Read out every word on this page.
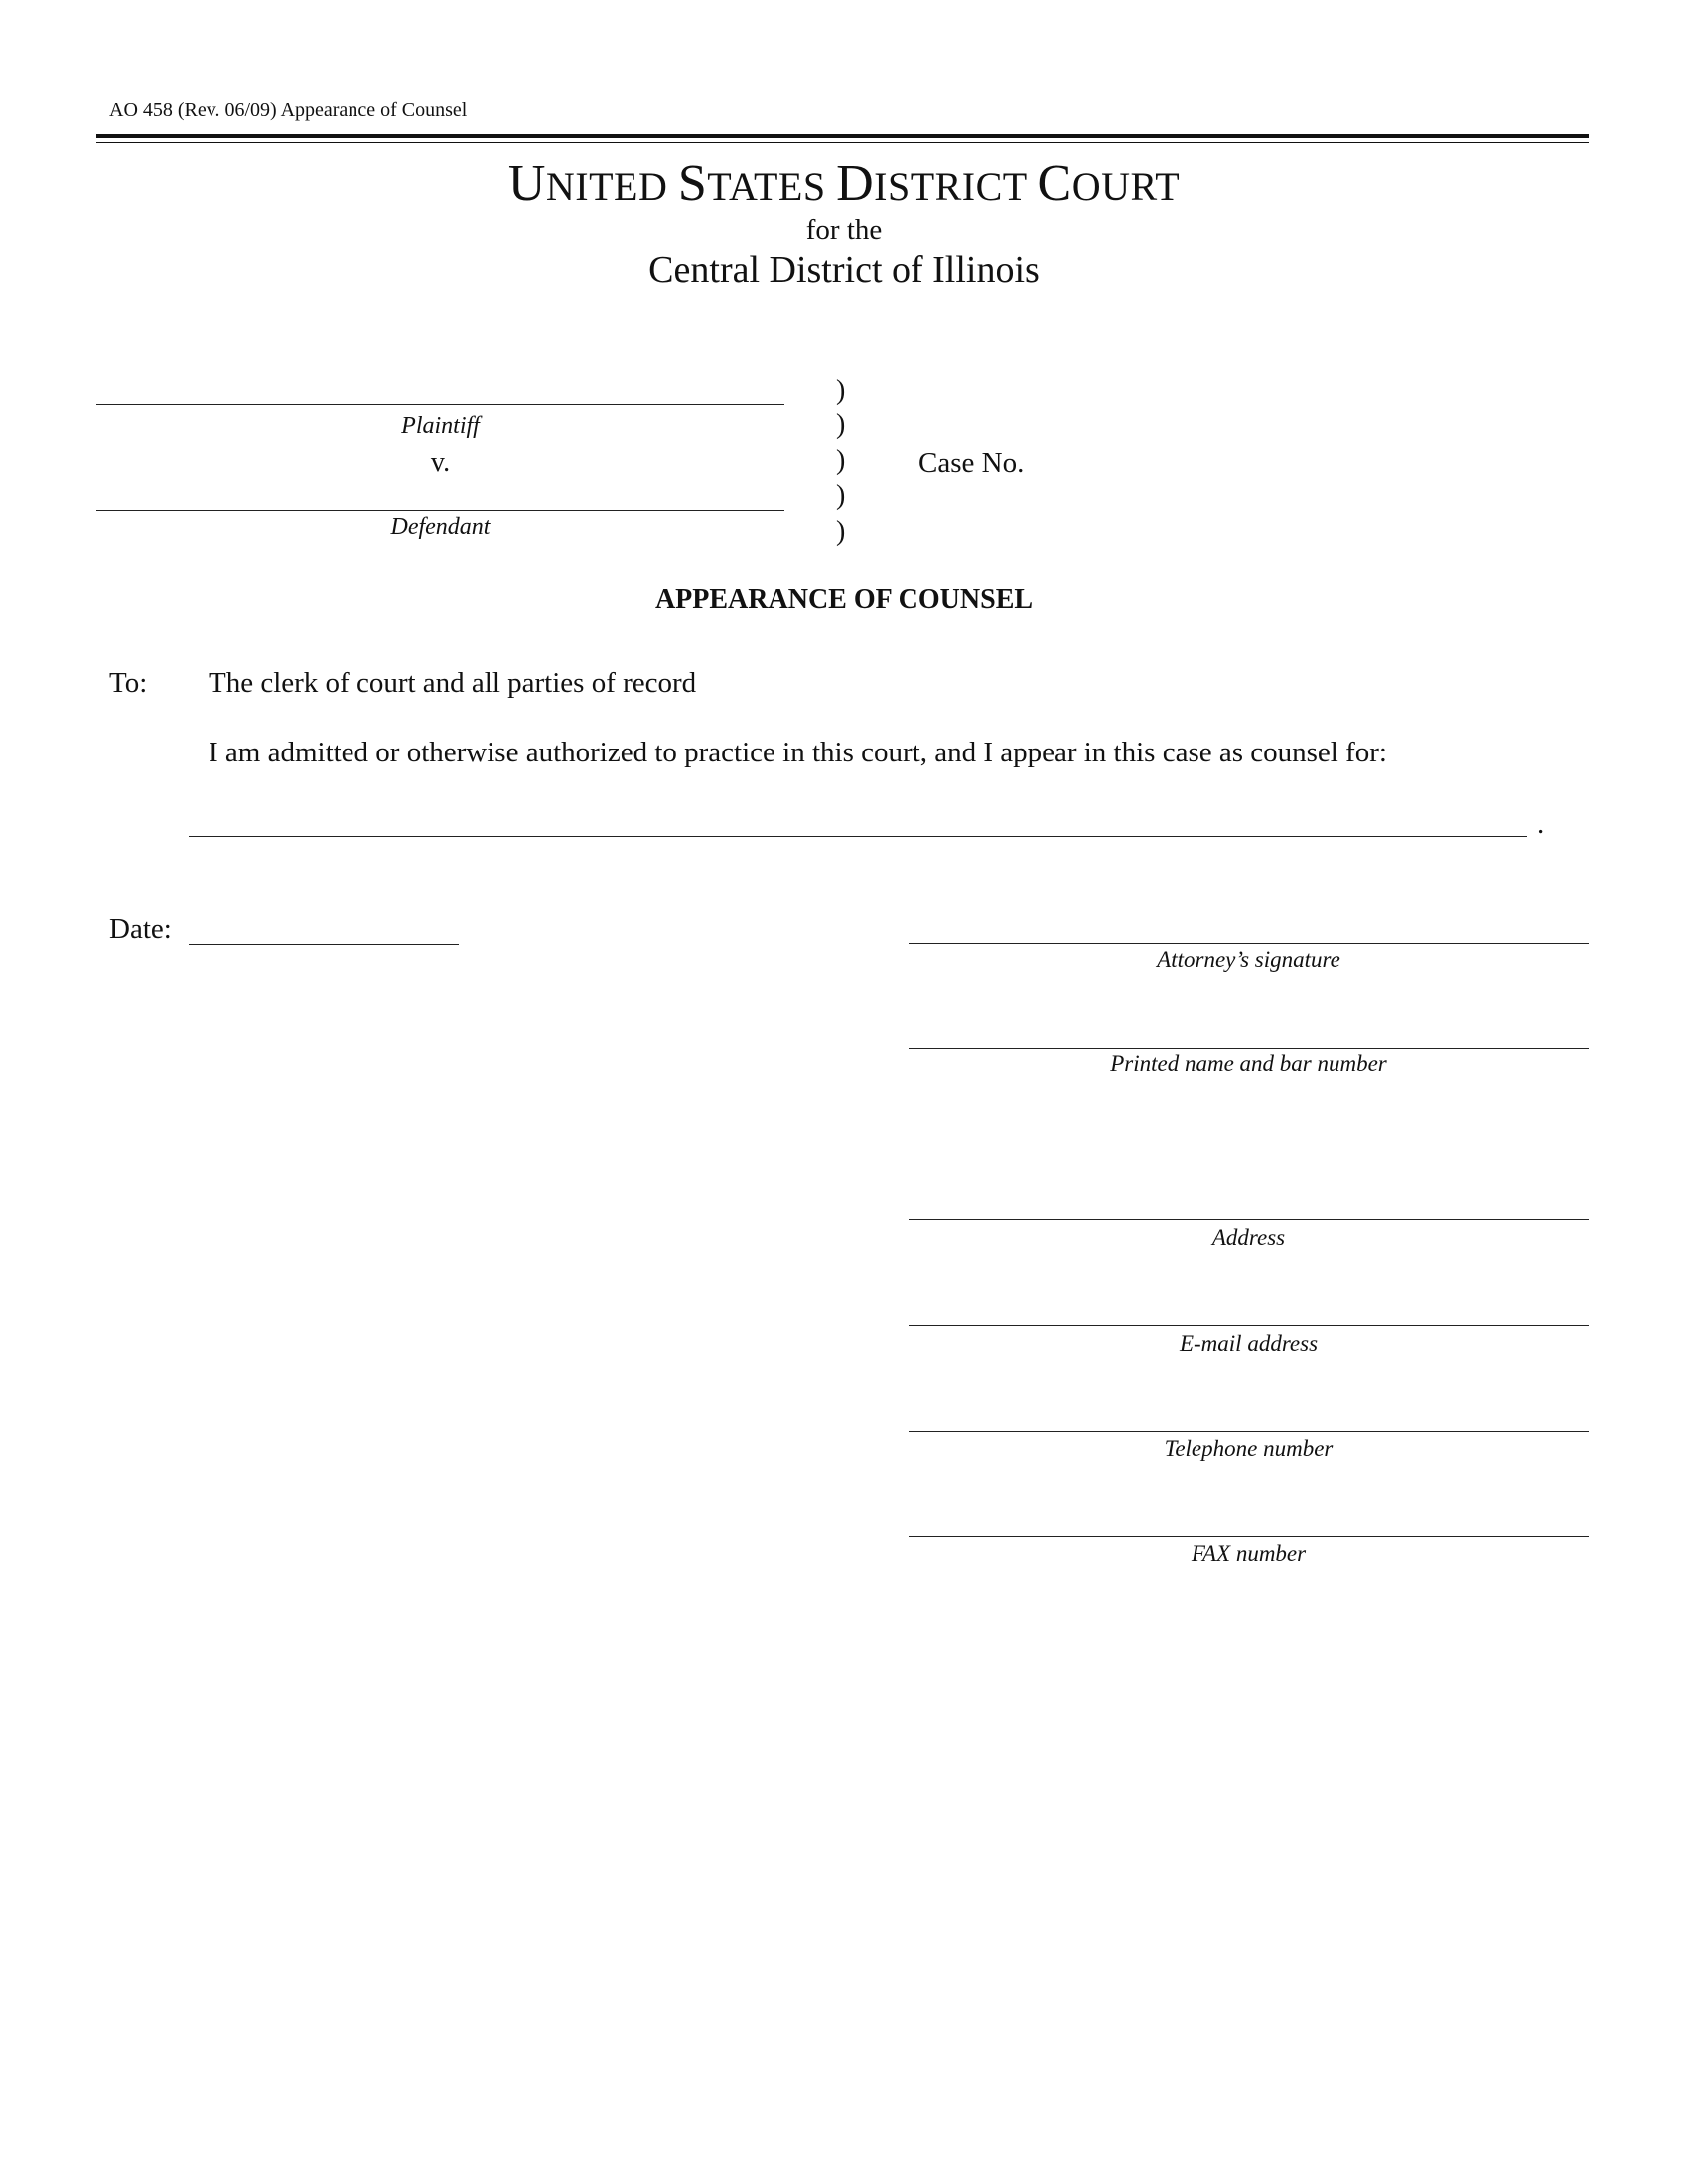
AO 458 (Rev. 06/09) Appearance of Counsel
UNITED STATES DISTRICT COURT
for the
Central District of Illinois
Plaintiff
v.
Defendant
)
)
)
)
)
Case No.
APPEARANCE OF COUNSEL
To: The clerk of court and all parties of record
I am admitted or otherwise authorized to practice in this court, and I appear in this case as counsel for:
.
Date:
Attorney’s signature
Printed name and bar number
Address
E-mail address
Telephone number
FAX number
